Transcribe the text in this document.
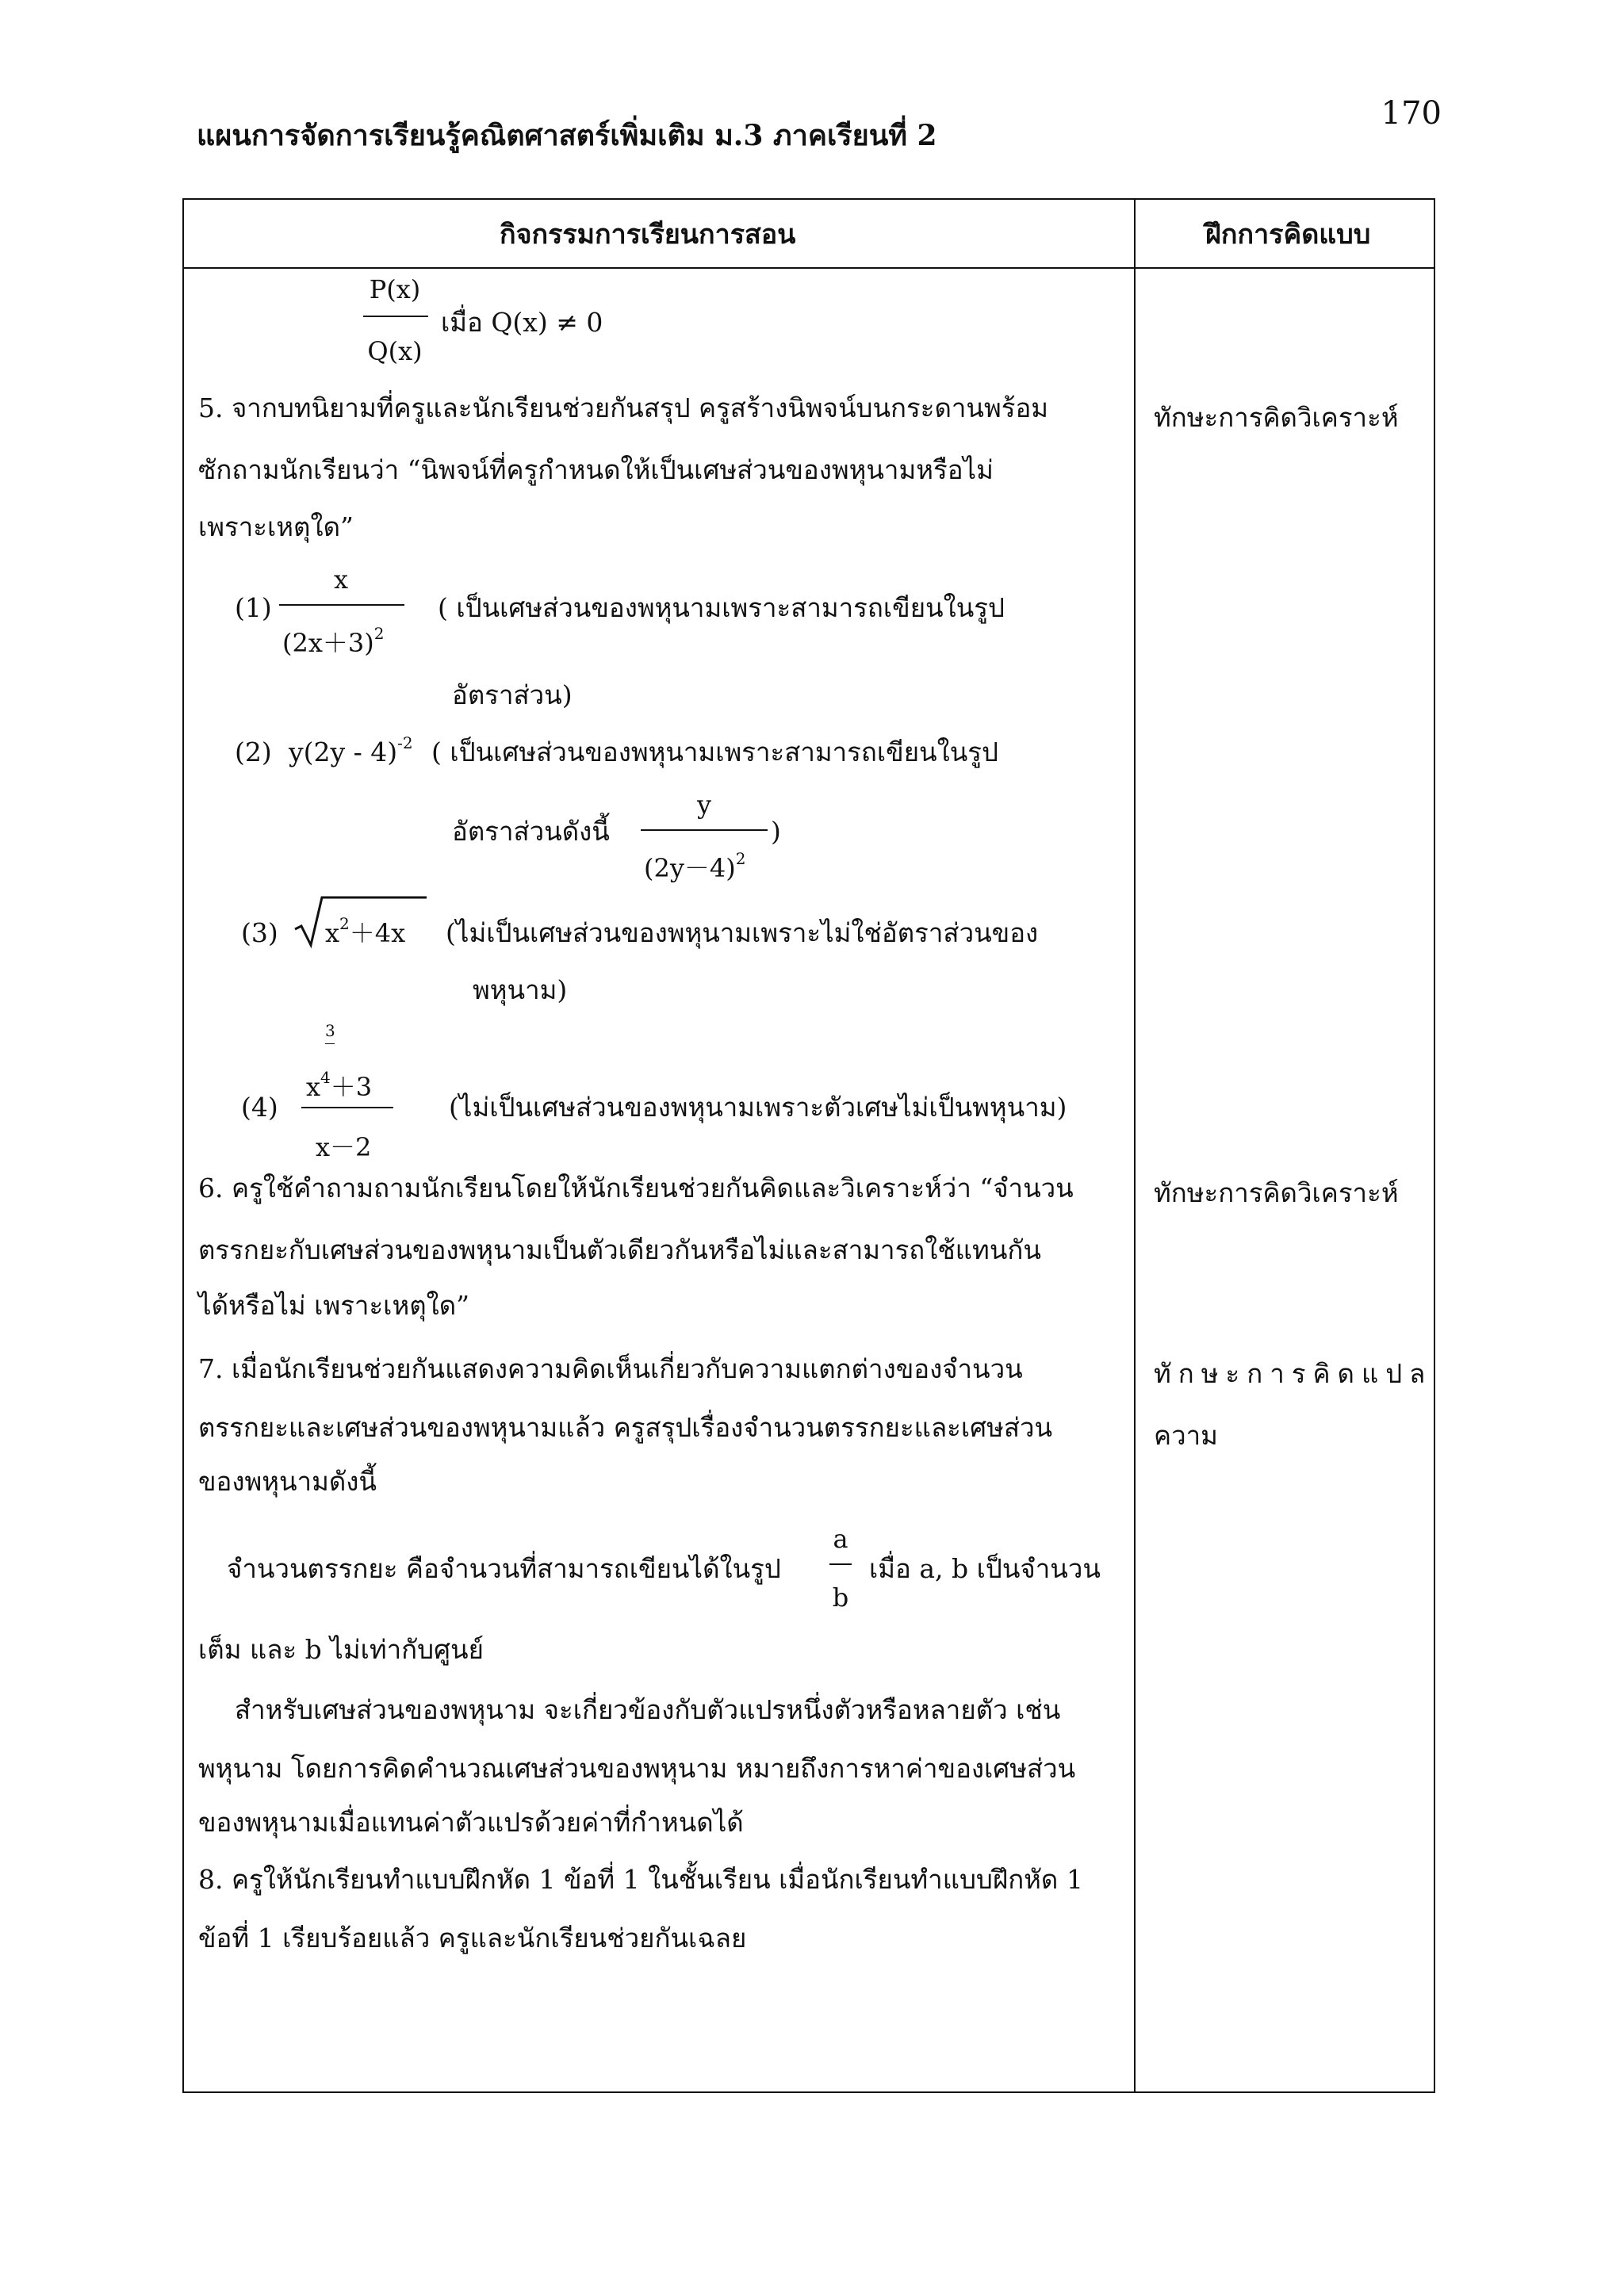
170
แผนการจัดการเรียนรู้คณิตศาสตร์เพิ่มเติม ม.3 ภาคเรียนที่ 2
กิจกรรมการเรียนการสอน	ฝึกการคิดแบบ
P(x)
Q(x)
เมื่อ Q(x) ≠ 0
5. จากบทนิยามที่ครูและนักเรียนช่วยกันสรุป ครูสร้างนิพจน์บนกระดานพร้อม
ซักถามนักเรียนว่า “นิพจน์ที่ครูกำหนดให้เป็นเศษส่วนของพหุนามหรือไม่
เพราะเหตุใด”
(1)
x
$(2x+3)^2$
( เป็นเศษส่วนของพหุนามเพราะสามารถเขียนในรูป
อัตราส่วน)
(2) y(2y - 4)$^{-2}$ ( เป็นเศษส่วนของพหุนามเพราะสามารถเขียนในรูป
อัตราส่วนดังนี้
y
$(2y-4)^2$
)
(3) $x^2+4x$ (ไม่เป็นเศษส่วนของพหุนามเพราะไม่ใช่อัตราส่วนของ
พหุนาม)
(4)
3
$x^4+3$
x－2
(ไม่เป็นเศษส่วนของพหุนามเพราะตัวเศษไม่เป็นพหุนาม)
6. ครูใช้คำถามถามนักเรียนโดยให้นักเรียนช่วยกันคิดและวิเคราะห์ว่า “จำนวน
ตรรกยะกับเศษส่วนของพหุนามเป็นตัวเดียวกันหรือไม่และสามารถใช้แทนกัน
ได้หรือไม่ เพราะเหตุใด”
7. เมื่อนักเรียนช่วยกันแสดงความคิดเห็นเกี่ยวกับความแตกต่างของจำนวน
ตรรกยะและเศษส่วนของพหุนามแล้ว ครูสรุปเรื่องจำนวนตรรกยะและเศษส่วน
ของพหุนามดังนี้
จำนวนตรรกยะ คือจำนวนที่สามารถเขียนได้ในรูป
a
b
เมื่อ a, b เป็นจำนวน
เต็ม และ b ไม่เท่ากับศูนย์
สำหรับเศษส่วนของพหุนาม จะเกี่ยวข้องกับตัวแปรหนึ่งตัวหรือหลายตัว เช่น
พหุนาม โดยการคิดคำนวณเศษส่วนของพหุนาม หมายถึงการหาค่าของเศษส่วน
ของพหุนามเมื่อแทนค่าตัวแปรด้วยค่าที่กำหนดได้
8. ครูให้นักเรียนทำแบบฝึกหัด 1 ข้อที่ 1 ในชั้นเรียน เมื่อนักเรียนทำแบบฝึกหัด 1
ข้อที่ 1 เรียบร้อยแล้ว ครูและนักเรียนช่วยกันเฉลย
ทักษะการคิดวิเคราะห์
ทักษะการคิดวิเคราะห์
ทักษะการคิดแปล
ความ
